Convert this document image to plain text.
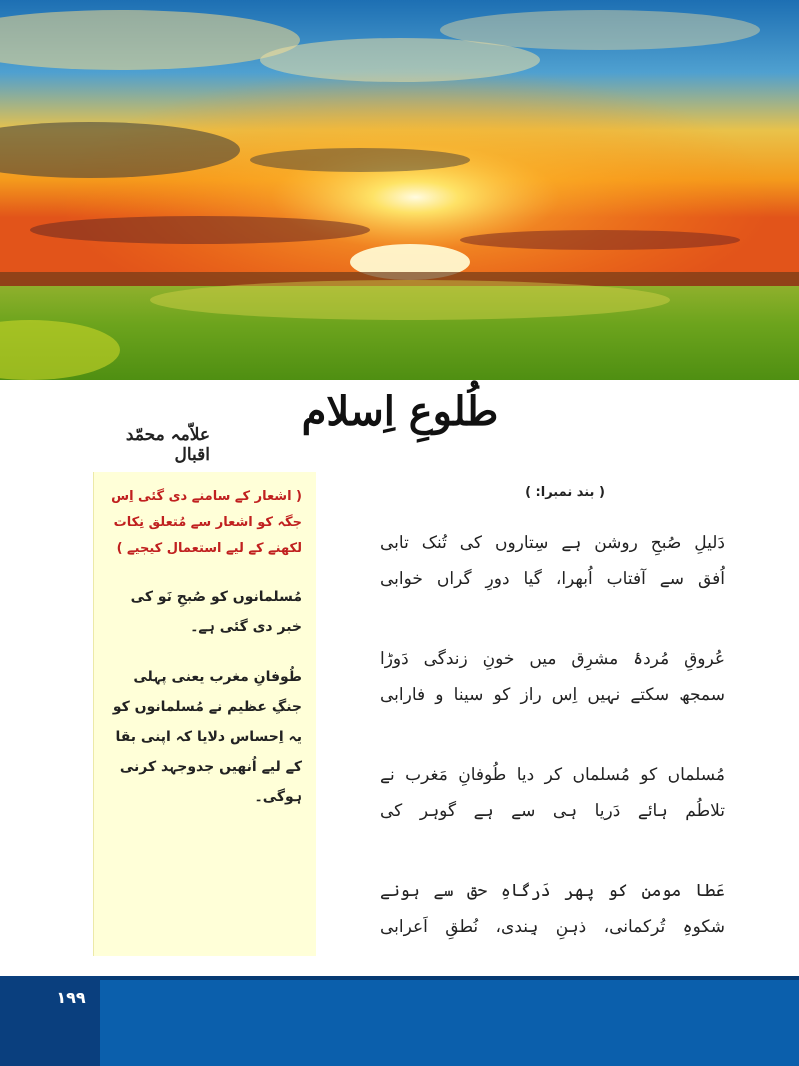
طُلوعِ اِسلام
علاّمہ محمّد اقبال
( اشعار کے سامنے دی گئی اِس جگہ کو اشعار سے مُتعلق نِکات لکھنے کے لیے استعمال کیجیے )
مُسلمانوں کو صُبحِ نَو کی خبر دی گئی ہے۔
طُوفانِ مغرب یعنی پہلی جنگِ عظیم نے مُسلمانوں کو یہ اِحساس دلایا کہ اپنی بقا کے لیے اُنھیں جدوجہد کرنی ہوگی۔
( بند نمبرا: )
دَلیلِ صُبحِ روشن ہے سِتاروں کی تُنک تابی
اُفق سے آفتاب اُبھرا، گیا دورِ گراں خوابی
عُروقِ مُردۂ مشرِق میں خونِ زندگی دَوڑا
سمجھ سکتے نہیں اِس راز کو سینا و فارابی
مُسلماں کو مُسلماں کر دیا طُوفانِ مَغرب نے
تلاطُم ہائے دَریا ہی سے ہے گوہر کی
عَطا مومن کو پھر دَرگاہِ حق سے ہونے
شکوہِ تُرکمانی، ذہنِ ہِندی، نُطقِ اَعرابی
۱۹۹
